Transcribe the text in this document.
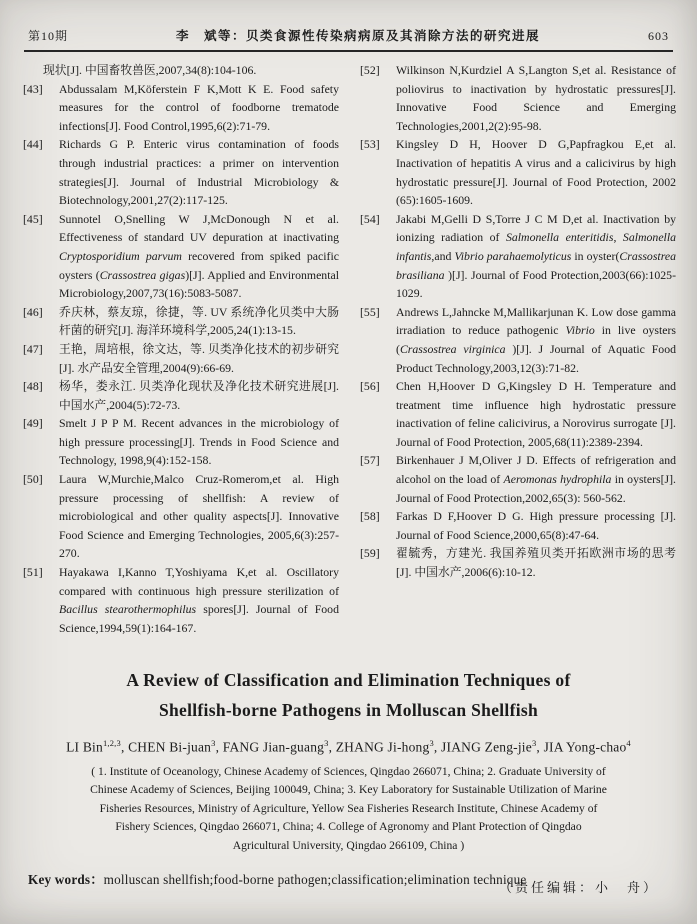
第10期	李　斌等：贝类食源性传染病病原及其消除方法的研究进展	603
现状[J]. 中国畜牧兽医,2007,34(8):104-106.
[43] Abdussalam M,Köferstein F K,Mott K E. Food safety measures for the control of foodborne trematode infections[J]. Food Control,1995,6(2):71-79.
[44] Richards G P. Enteric virus contamination of foods through industrial practices: a primer on intervention strategies[J]. Journal of Industrial Microbiology & Biotechnology,2001,27(2):117-125.
[45] Sunnotel O,Snelling W J,McDonough N et al. Effectiveness of standard UV depuration at inactivating Cryptosporidium parvum recovered from spiked pacific oysters (Crassostrea gigas)[J]. Applied and Environmental Microbiology,2007,73(16):5083-5087.
[46] 乔庆林，蔡友琼，徐捷，等. UV 系统净化贝类中大肠杆菌的研究[J]. 海洋环境科学,2005,24(1):13-15.
[47] 王艳，周培根，徐文达，等. 贝类净化技术的初步研究[J]. 水产品安全管理,2004(9):66-69.
[48] 杨华，娄永江. 贝类净化现状及净化技术研究进展[J]. 中国水产,2004(5):72-73.
[49] Smelt J P P M. Recent advances in the microbiology of high pressure processing[J]. Trends in Food Science and Technology, 1998,9(4):152-158.
[50] Laura W,Murchie,Malco Cruz-Romerom,et al. High pressure processing of shellfish: A review of microbiological and other quality aspects[J]. Innovative Food Science and Emerging Technologies, 2005,6(3):257-270.
[51] Hayakawa I,Kanno T,Yoshiyama K,et al. Oscillatory compared with continuous high pressure sterilization of Bacillus stearothermophilus spores[J]. Journal of Food Science,1994,59(1):164-167.
[52] Wilkinson N,Kurdziel A S,Langton S,et al. Resistance of poliovirus to inactivation by hydrostatic pressures[J]. Innovative Food Science and Emerging Technologies,2001,2(2):95-98.
[53] Kingsley D H, Hoover D G,Papfragkou E,et al. Inactivation of hepatitis A virus and a calicivirus by high hydrostatic pressure[J]. Journal of Food Protection, 2002 (65):1605-1609.
[54] Jakabi M,Gelli D S,Torre J C M D,et al. Inactivation by ionizing radiation of Salmonella enteritidis, Salmonella infantis,and Vibrio parahaemolyticus in oyster(Crassostrea brasiliana )[J]. Journal of Food Protection,2003(66):1025-1029.
[55] Andrews L,Jahncke M,Mallikarjunan K. Low dose gamma irradiation to reduce pathogenic Vibrio in live oysters (Crassostrea virginica )[J]. J Journal of Aquatic Food Product Technology,2003,12(3):71-82.
[56] Chen H,Hoover D G,Kingsley D H. Temperature and treatment time influence high hydrostatic pressure inactivation of feline calicivirus, a Norovirus surrogate [J]. Journal of Food Protection, 2005,68(11):2389-2394.
[57] Birkenhauer J M,Oliver J D. Effects of refrigeration and alcohol on the load of Aeromonas hydrophila in oysters[J]. Journal of Food Protection,2002,65(3): 560-562.
[58] Farkas D F,Hoover D G. High pressure processing [J]. Journal of Food Science,2000,65(8):47-64.
[59] 翟毓秀，方建光. 我国养殖贝类开拓欧洲市场的思考[J]. 中国水产,2006(6):10-12.
A Review of Classification and Elimination Techniques of
Shellfish-borne Pathogens in Molluscan Shellfish
LI Bin$^{1,2,3}$, CHEN Bi-juan$^3$, FANG Jian-guang$^3$, ZHANG Ji-hong$^3$, JIANG Zeng-jie$^3$, JIA Yong-chao$^4$
( 1. Institute of Oceanology, Chinese Academy of Sciences, Qingdao 266071, China; 2. Graduate University of
Chinese Academy of Sciences, Beijing 100049, China; 3. Key Laboratory for Sustainable Utilization of Marine
Fisheries Resources, Ministry of Agriculture, Yellow Sea Fisheries Research Institute, Chinese Academy of
Fishery Sciences, Qingdao 266071, China; 4. College of Agronomy and Plant Protection of Qingdao
Agricultural University, Qingdao 266109, China )
Key words：molluscan shellfish;food-borne pathogen;classification;elimination technique
（责任编辑：小　舟）
